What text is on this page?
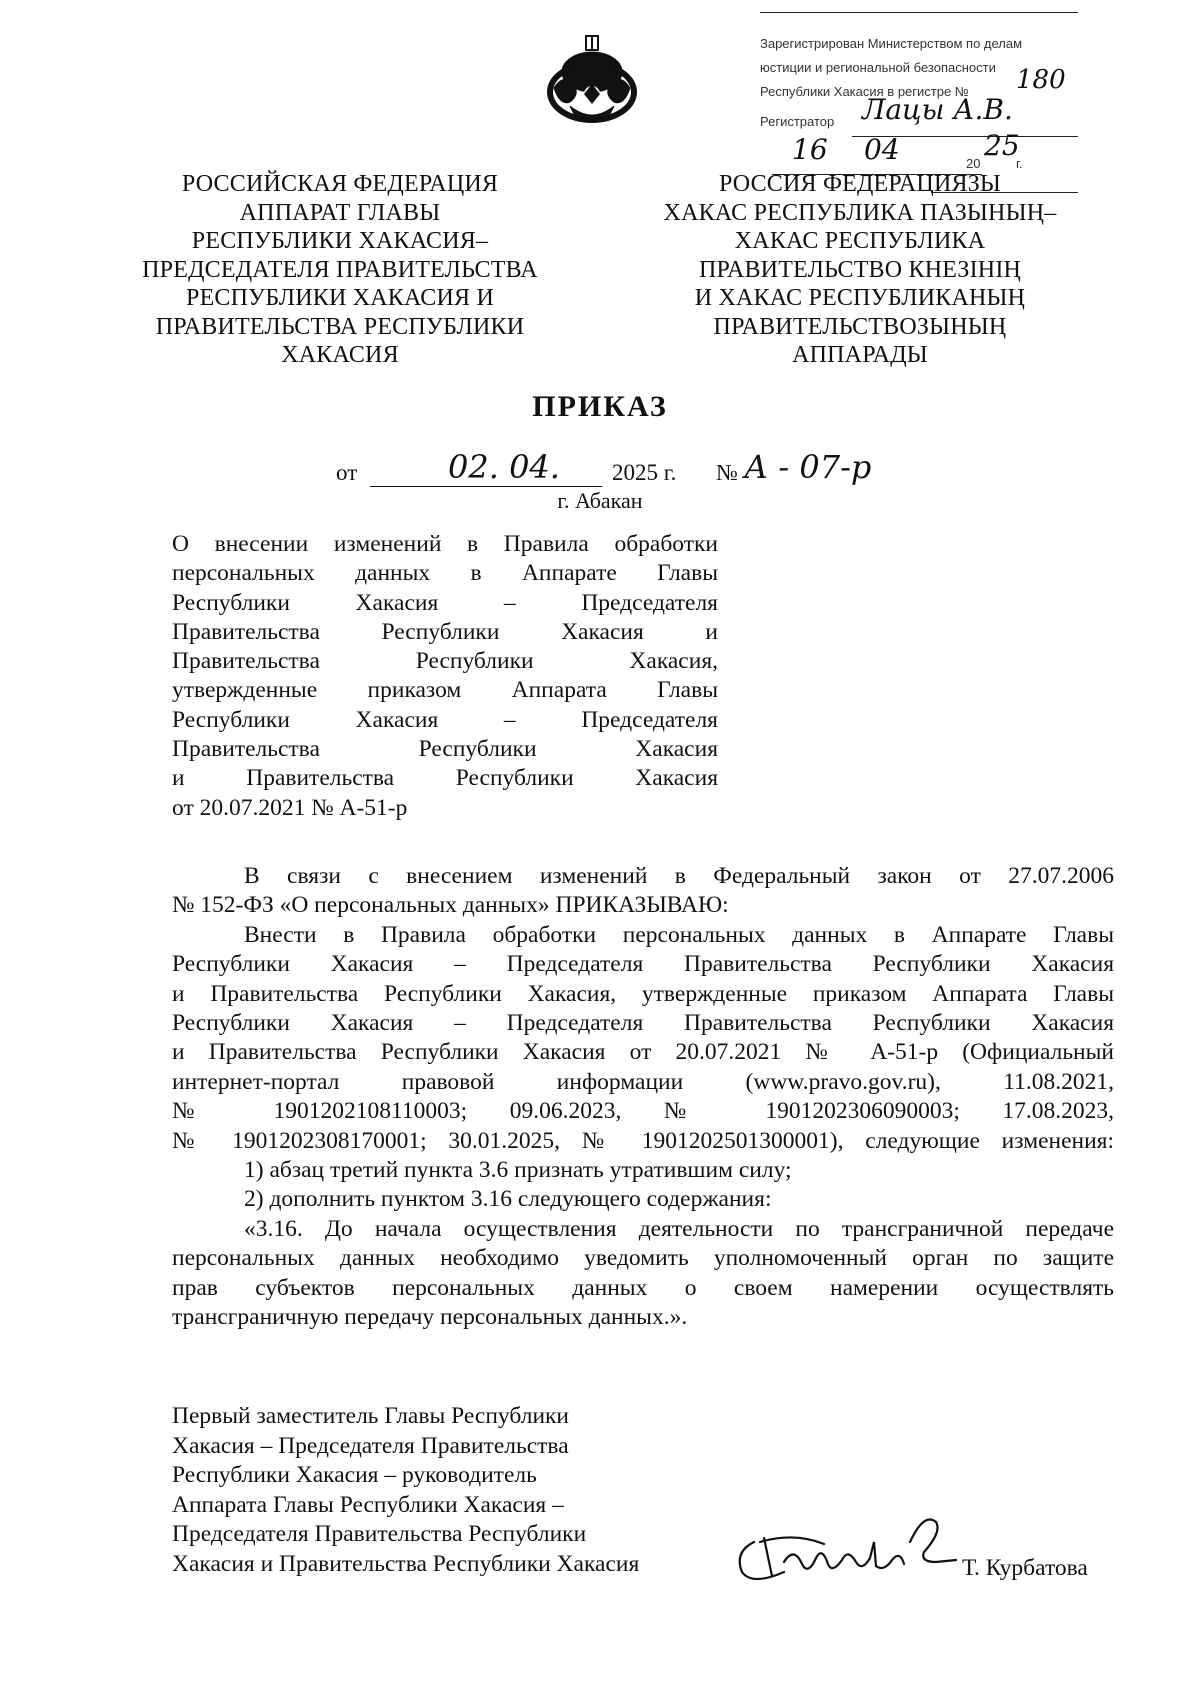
Зарегистрирован Министерством по делам
юстиции и региональной безопасности
Республики Хакасия в регистре № 180
Регистратор Лацы А.В.
16 04	20
25
г.
РОССИЙСКАЯ ФЕДЕРАЦИЯ
АППАРАТ ГЛАВЫ
РЕСПУБЛИКИ ХАКАСИЯ–
ПРЕДСЕДАТЕЛЯ ПРАВИТЕЛЬСТВА
РЕСПУБЛИКИ ХАКАСИЯ И
ПРАВИТЕЛЬСТВА РЕСПУБЛИКИ
ХАКАСИЯ
РОССИЯ ФЕДЕРАЦИЯЗЫ
ХАКАС РЕСПУБЛИКА ПАЗЫНЫҢ–
ХАКАС РЕСПУБЛИКА
ПРАВИТЕЛЬСТВО КНЕЗІНІҢ
И ХАКАС РЕСПУБЛИКАНЫҢ
ПРАВИТЕЛЬСТВОЗЫНЫҢ
АППАРАДЫ
ПРИКАЗ
от	02. 04. 2025 г. № А - 07-р
г. Абакан
О внесении изменений в Правила обработки
персональных данных в Аппарате Главы
Республики Хакасия – Председателя
Правительства Республики Хакасия и
Правительства Республики Хакасия,
утвержденные приказом Аппарата Главы
Республики Хакасия – Председателя
Правительства Республики Хакасия
и Правительства Республики Хакасия
от 20.07.2021 № А-51-р
В связи с внесением изменений в Федеральный закон от 27.07.2006
№ 152-ФЗ «О персональных данных» ПРИКАЗЫВАЮ:
Внести в Правила обработки персональных данных в Аппарате Главы
Республики Хакасия – Председателя Правительства Республики Хакасия
и Правительства Республики Хакасия, утвержденные приказом Аппарата Главы
Республики Хакасия – Председателя Правительства Республики Хакасия
и Правительства Республики Хакасия от 20.07.2021 № А-51-р (Официальный
интернет-портал правовой информации (www.pravo.gov.ru), 11.08.2021,
№ 1901202108110003; 09.06.2023, № 1901202306090003; 17.08.2023,
№ 1901202308170001; 30.01.2025, № 1901202501300001), следующие изменения:
1) абзац третий пункта 3.6 признать утратившим силу;
2) дополнить пунктом 3.16 следующего содержания:
«3.16. До начала осуществления деятельности по трансграничной передаче
персональных данных необходимо уведомить уполномоченный орган по защите
прав субъектов персональных данных о своем намерении осуществлять
трансграничную передачу персональных данных.».
Первый заместитель Главы Республики
Хакасия – Председателя Правительства
Республики Хакасия – руководитель
Аппарата Главы Республики Хакасия –
Председателя Правительства Республики
Хакасия и Правительства Республики Хакасия	Т. Курбатова
